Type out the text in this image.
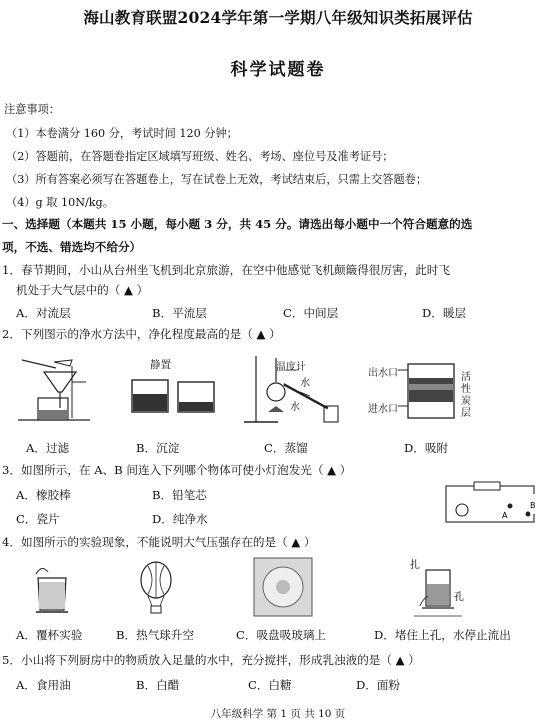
海山教育联盟2024学年第一学期八年级知识类拓展评估
科学试题卷
注意事项：
（1）本卷满分 160 分，考试时间 120 分钟；
（2）答题前，在答题卷指定区域填写班级、姓名、考场、座位号及准考证号；
（3）所有答案必须写在答题卷上，写在试卷上无效，考试结束后，只需上交答题卷；
（4）g 取 10N/kg。
一、选择题（本题共 15 小题，每小题 3 分，共 45 分。请选出每小题中一个符合题意的选
项，不选、错选均不给分）
1．春节期间，小山从台州坐飞机到北京旅游，在空中他感觉飞机颠簸得很厉害，此时飞
机处于大气层中的（ ▲ ）
A．对流层	B．平流层	C．中间层	D．暖层
2．下列图示的净水方法中，净化程度最高的是（ ▲ ）
静置	温度计
水
水
出水口
进水口
活性炭层
A．过滤	B．沉淀	C．蒸馏	D．吸附
3．如图所示，在 A、B 间连入下列哪个物体可使小灯泡发光（ ▲ ）
A．橡胶棒	B．铅笔芯
C．瓷片	D．纯净水	A
B
4．如图所示的实验现象，不能说明大气压强存在的是（ ▲ ）
扎
孔
A．覆杯实验	B．热气球升空	C．吸盘吸玻璃上	D．堵住上孔，水停止流出
5．小山将下列厨房中的物质放入足量的水中，充分搅拌，形成乳浊液的是（ ▲ ）
A．食用油	B．白醋	C．白糖	D．面粉
八年级科学 第 1 页 共 10 页
